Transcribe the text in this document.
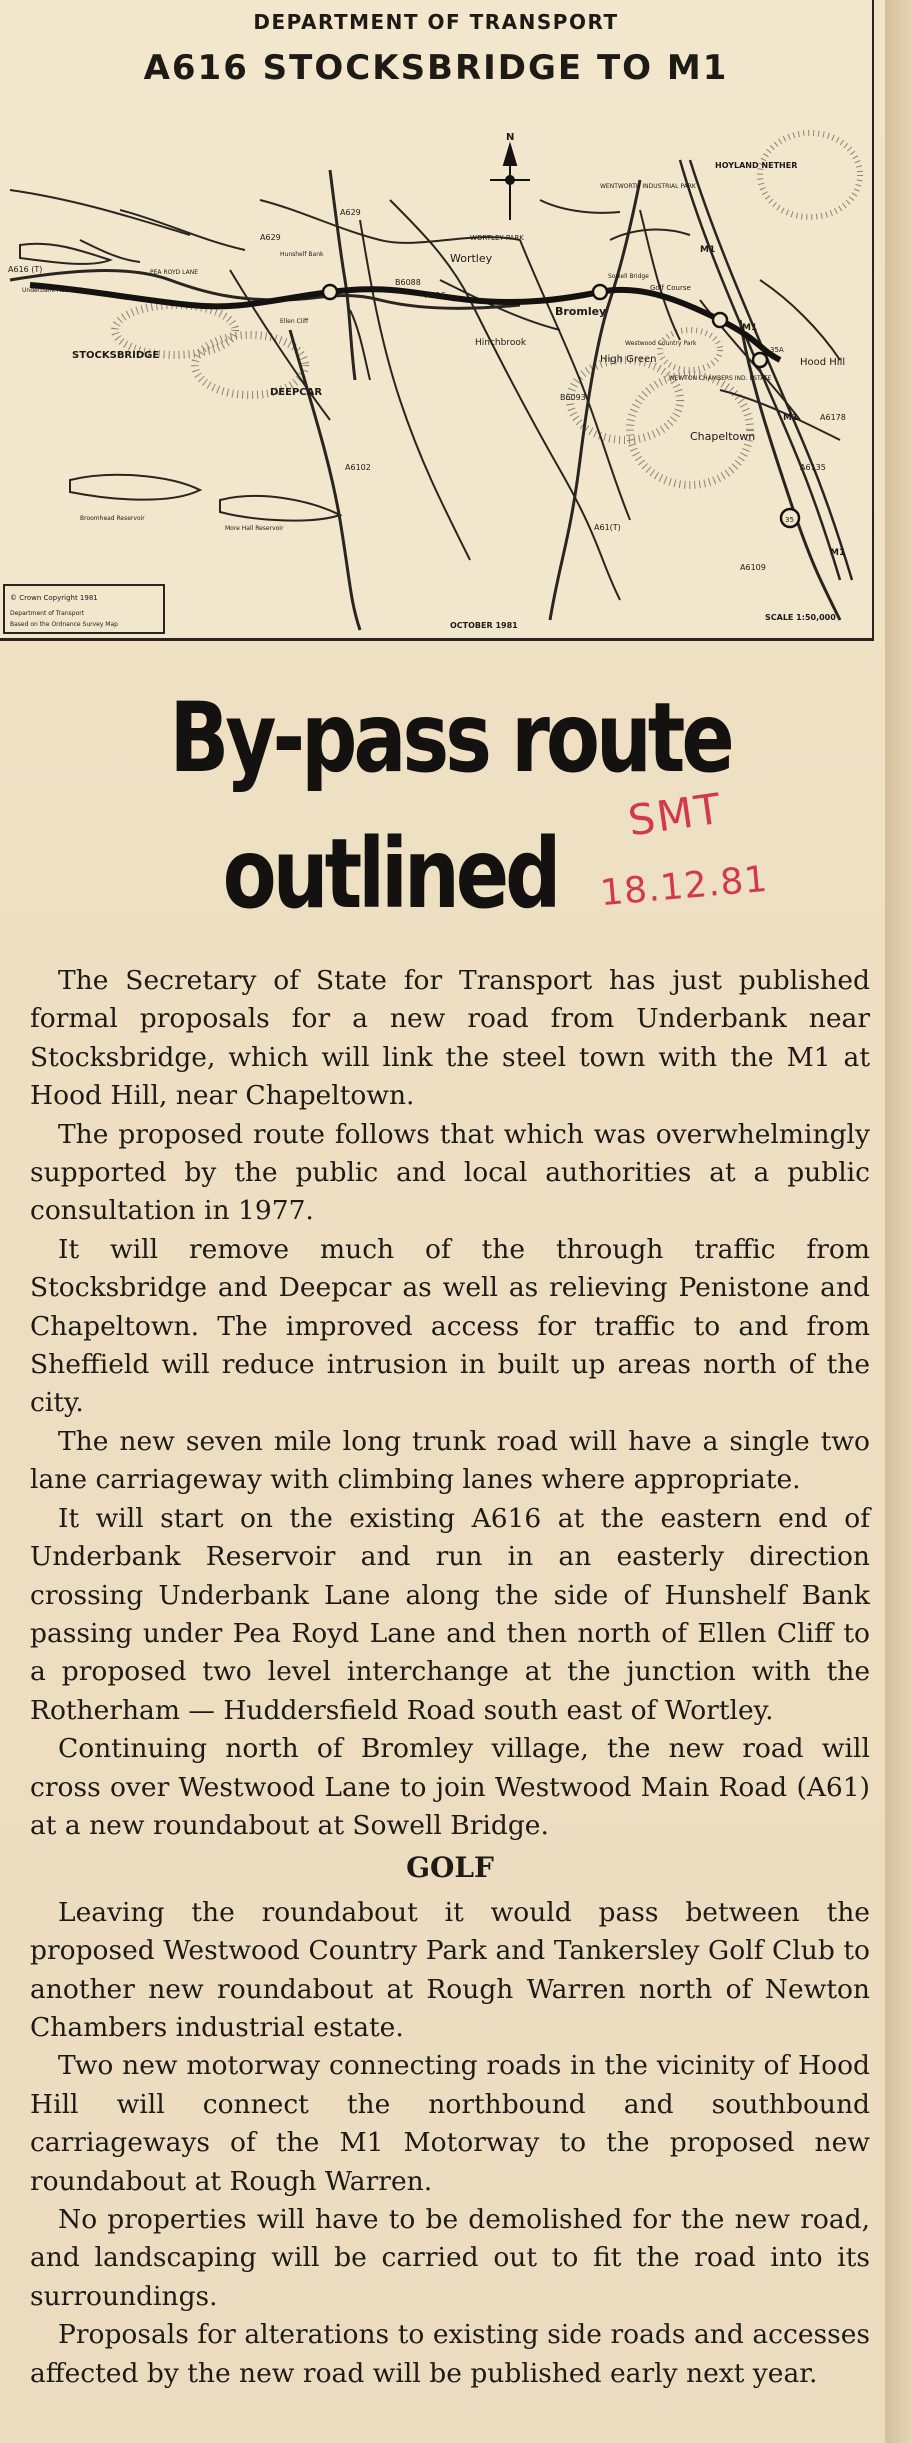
DEPARTMENT OF TRANSPORT
A616 STOCKSBRIDGE TO M1
STOCKSBRIDGE
DEEPCAR
Wortley
Bromley
Chapeltown
Hood Hill
HOYLAND NETHER
WENTWORTH INDUSTRIAL PARK
WORTLEY PARK
PEA ROYD LANE
NEWTON CHAMBERS IND. ESTATE
High Green
Hinchbrook
Underbank Reservoir
More Hall Reservoir
Broomhead Reservoir
Golf Course
Westwood Country Park
Ellen Cliff
Hunshelf Bank
Sowell Bridge
A616 (T)
A616
A629
A61(T)
A6135
A6102
A6109
B6088
B6093
A6178
M1
M1
M1
M1
35
35A
A629
N
© Crown Copyright 1981
Department of Transport
Based on the Ordnance Survey Map	OCTOBER 1981
SCALE 1:50,000
By-pass route
outlined
SMT
18.12.81

The Secretary of State for Transport has just published formal proposals for a new road from Underbank near Stocksbridge, which will link the steel town with the M1 at Hood Hill, near Chapeltown.

The proposed route follows that which was overwhelmingly supported by the public and local authorities at a public consultation in 1977.

It will remove much of the through traffic from Stocksbridge and Deepcar as well as relieving Penistone and Chapeltown. The improved access for traffic to and from Sheffield will reduce intrusion in built up areas north of the city.

The new seven mile long trunk road will have a single two lane carriageway with climbing lanes where appropriate.

It will start on the existing A616 at the eastern end of Underbank Reservoir and run in an easterly direction crossing Underbank Lane along the side of Hunshelf Bank passing under Pea Royd Lane and then north of Ellen Cliff to a proposed two level interchange at the junction with the Rotherham — Huddersfield Road south east of Wortley.

Continuing north of Bromley village, the new road will cross over Westwood Lane to join Westwood Main Road (A61) at a new roundabout at Sowell Bridge.

GOLF

Leaving the roundabout it would pass between the proposed Westwood Country Park and Tankersley Golf Club to another new roundabout at Rough Warren north of Newton Chambers industrial estate.

Two new motorway connecting roads in the vicinity of Hood Hill will connect the northbound and southbound carriageways of the M1 Motorway to the proposed new roundabout at Rough Warren.

No properties will have to be demolished for the new road, and landscaping will be carried out to fit the road into its surroundings.

Proposals for alterations to existing side roads and accesses affected by the new road will be published early next year.
